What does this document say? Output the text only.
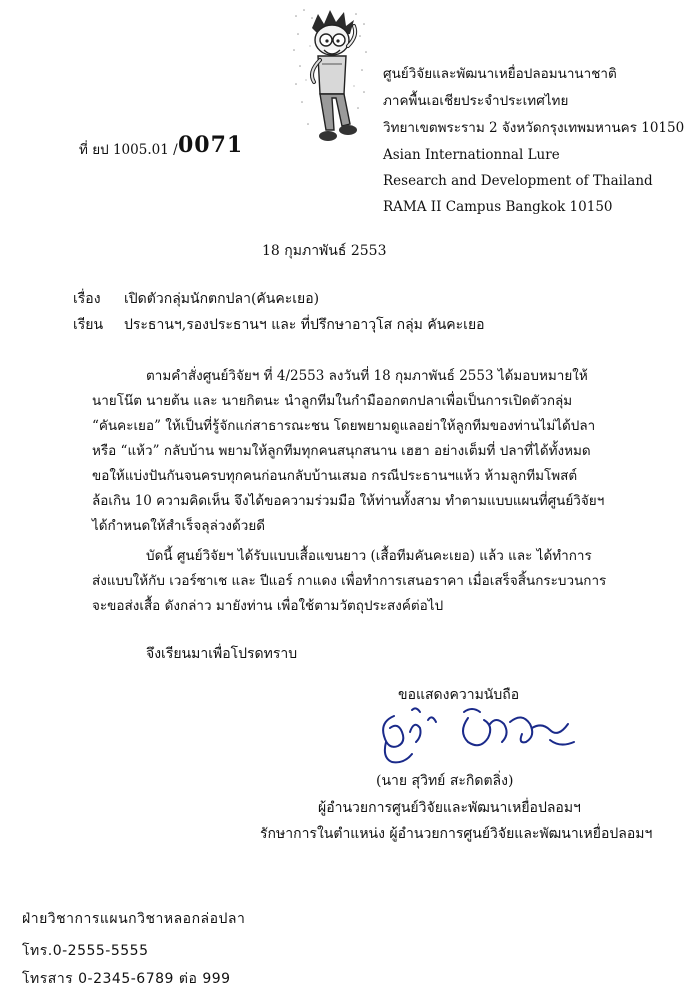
ศูนย์วิจัยและพัฒนาเหยื่อปลอมนานาชาติ
ภาคพื้นเอเชียประจำประเทศไทย
วิทยาเขตพระราม 2 จังหวัดกรุงเทพมหานคร 10150
Asian Internationnal Lure
Research and Development of Thailand
RAMA II Campus Bangkok 10150
ที่ ยป 1005.01 / 0071
18 กุมภาพันธ์ 2553
เรื่อง เปิดตัวกลุ่มนักตกปลา(คันคะเยอ)
เรียน ประธานฯ,รองประธานฯ และ ที่ปรึกษาอาวุโส กลุ่ม คันคะเยอ
ตามคำสั่งศูนย์วิจัยฯ ที่ 4/2553 ลงวันที่ 18 กุมภาพันธ์ 2553 ได้มอบหมายให้
นายโน๊ต นายต้น และ นายกิตนะ นำลูกทีมในกำมืออกตกปลาเพื่อเป็นการเปิดตัวกลุ่ม
“คันคะเยอ” ให้เป็นที่รู้จักแก่สาธารณะชน โดยพยามดูแลอย่าให้ลูกทีมของท่านไม่ได้ปลา
หรือ “แห้ว” กลับบ้าน พยามให้ลูกทีมทุกคนสนุกสนาน เฮฮา อย่างเต็มที่ ปลาที่ได้ทั้งหมด
ขอให้แบ่งปันกันจนครบทุกคนก่อนกลับบ้านเสมอ กรณีประธานฯแห้ว ห้ามลูกทีมโพสต์
ล้อเกิน 10 ความคิดเห็น จึงได้ขอความร่วมมือ ให้ท่านทั้งสาม ทำตามแบบแผนที่ศูนย์วิจัยฯ
ได้กำหนดให้สำเร็จลุล่วงด้วยดี
บัดนี้ ศูนย์วิจัยฯ ได้รับแบบเสื้อแขนยาว (เสื้อทีมคันคะเยอ) แล้ว และ ได้ทำการ
ส่งแบบให้กับ เวอร์ซาเช และ ปีแอร์ กาแดง เพื่อทำการเสนอราคา เมื่อเสร็จสิ้นกระบวนการ
จะขอส่งเสื้อ ดังกล่าว มายังท่าน เพื่อใช้ตามวัตถุประสงค์ต่อไป
จึงเรียนมาเพื่อโปรดทราบ
ขอแสดงความนับถือ
(นาย สุวิทย์ สะกิดตลิ่ง)
ผู้อำนวยการศูนย์วิจัยและพัฒนาเหยื่อปลอมฯ
รักษาการในตำแหน่ง ผู้อำนวยการศูนย์วิจัยและพัฒนาเหยื่อปลอมฯ
ฝ่ายวิชาการแผนกวิชาหลอกล่อปลา
โทร.0-2555-5555
โทรสาร 0-2345-6789 ต่อ 999
